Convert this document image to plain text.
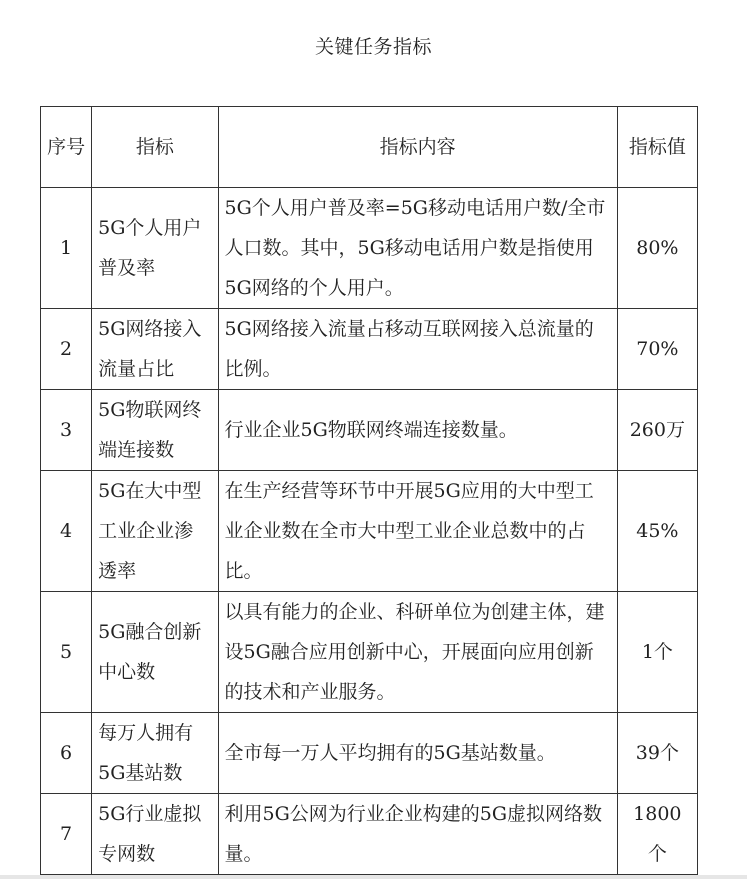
关键任务指标
序号	指标	指标内容	指标值
1	5G个人用户普及率	5G个人用户普及率=5G移动电话用户数/全市人口数。其中，5G移动电话用户数是指使用5G网络的个人用户。	80%
2	5G网络接入流量占比	5G网络接入流量占移动互联网接入总流量的比例。	70%
3	5G物联网终端连接数	行业企业5G物联网终端连接数量。	260万
4	5G在大中型工业企业渗透率	在生产经营等环节中开展5G应用的大中型工业企业数在全市大中型工业企业总数中的占比。	45%
5	5G融合创新中心数	以具有能力的企业、科研单位为创建主体，建设5G融合应用创新中心，开展面向应用创新的技术和产业服务。	1个
6	每万人拥有5G基站数	全市每一万人平均拥有的5G基站数量。	39个
7	5G行业虚拟专网数	利用5G公网为行业企业构建的5G虚拟网络数量。	1800个
